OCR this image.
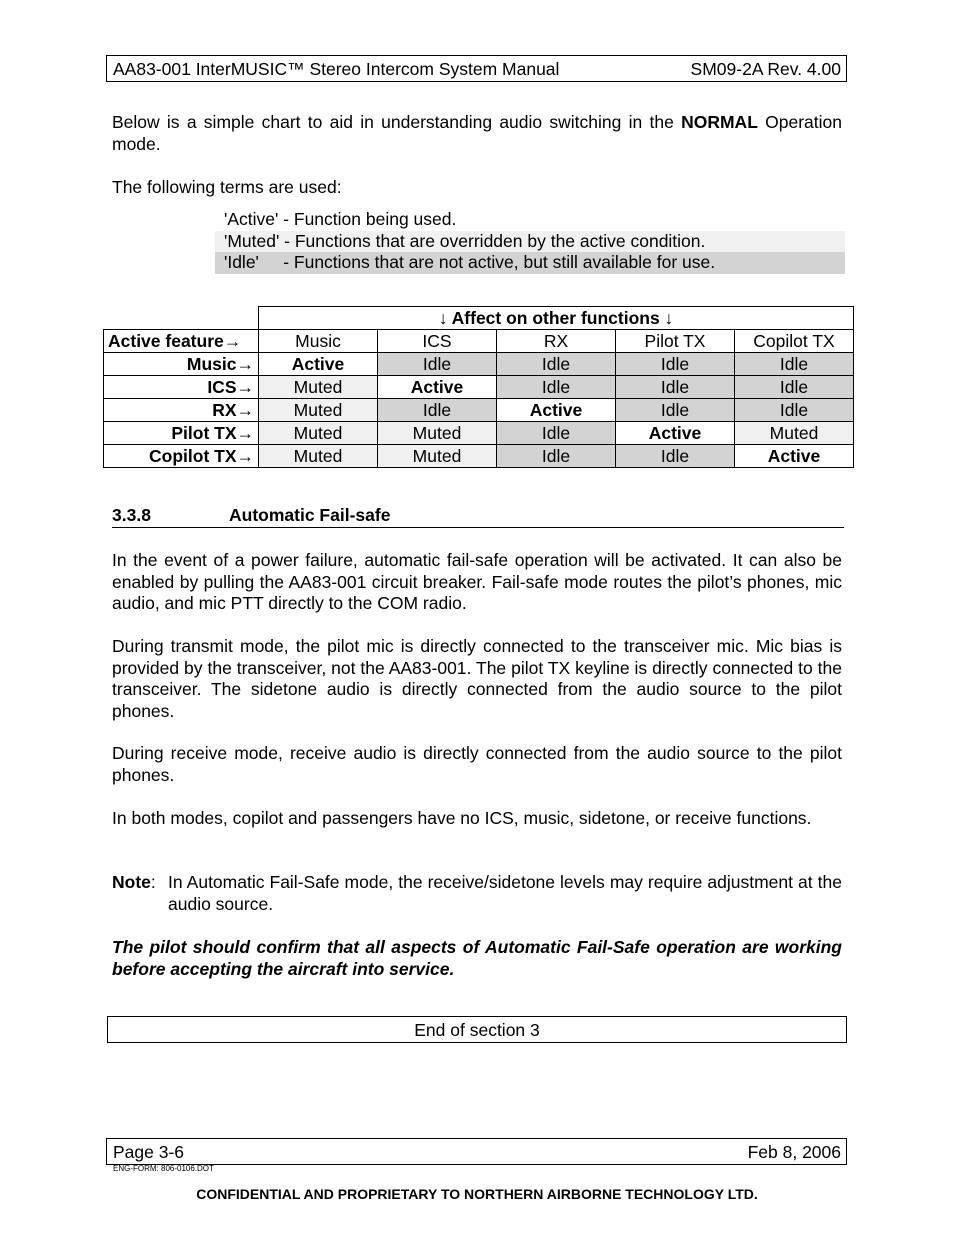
AA83-001 InterMUSIC™ Stereo Intercom System Manual	SM09-2A Rev. 4.00

Below is a simple chart to aid in understanding audio switching in the NORMAL Operation mode.

The following terms are used:
'Active' - Function being used.
'Muted' - Functions that are overridden by the active condition.
'Idle'     - Functions that are not active, but still available for use.
	↓ Affect on other functions ↓				
Active feature→	Music	ICS	RX	Pilot TX	Copilot TX
Music→	Active	Idle	Idle	Idle	Idle
ICS→	Muted	Active	Idle	Idle	Idle
RX→	Muted	Idle	Active	Idle	Idle
Pilot TX→	Muted	Muted	Idle	Active	Muted
Copilot TX→	Muted	Muted	Idle	Idle	Active
3.3.8	Automatic Fail-safe
In the event of a power failure, automatic fail-safe operation will be activated. It can also be enabled by pulling the AA83-001 circuit breaker. Fail-safe mode routes the pilot’s phones, mic audio, and mic PTT directly to the COM radio.
During transmit mode, the pilot mic is directly connected to the transceiver mic. Mic bias is provided by the transceiver, not the AA83-001. The pilot TX keyline is directly connected to the transceiver. The sidetone audio is directly connected from the audio source to the pilot phones.
During receive mode, receive audio is directly connected from the audio source to the pilot phones.
In both modes, copilot and passengers have no ICS, music, sidetone, or receive functions.
Note: In Automatic Fail-Safe mode, the receive/sidetone levels may require adjustment at the audio source.
The pilot should confirm that all aspects of Automatic Fail-Safe operation are working before accepting the aircraft into service.
End of section 3
Page 3-6	Feb 8, 2006
ENG-FORM: 806-0106.DOT
CONFIDENTIAL AND PROPRIETARY TO NORTHERN AIRBORNE TECHNOLOGY LTD.
